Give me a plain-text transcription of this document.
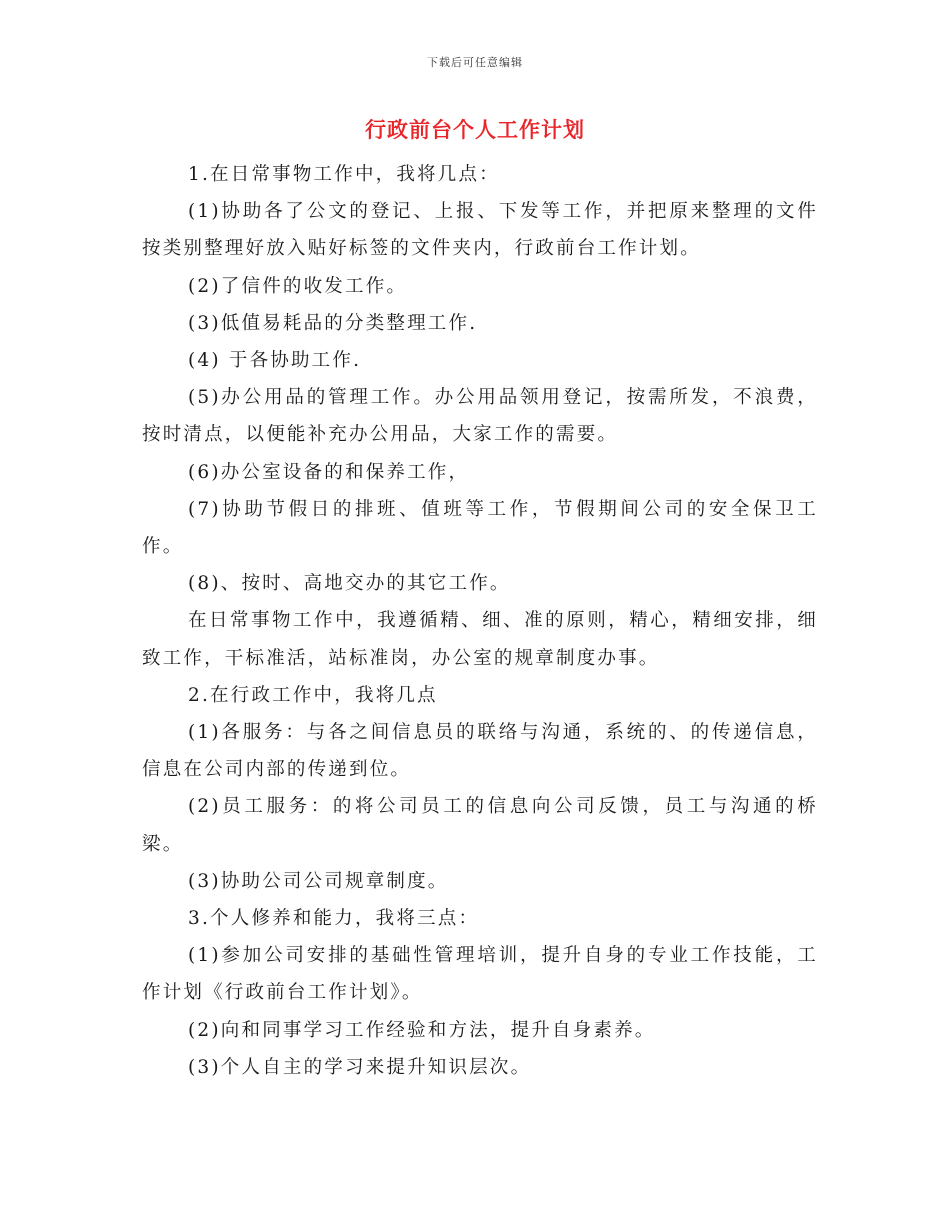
下载后可任意编辑
行政前台个人工作计划

1.在日常事物工作中，我将几点：

(1)协助各了公文的登记、上报、下发等工作，并把原来整理的文件按类别整理好放入贴好标签的文件夹内，行政前台工作计划。

(2)了信件的收发工作。

(3)低值易耗品的分类整理工作.

(4) 于各协助工作.

(5)办公用品的管理工作。办公用品领用登记，按需所发，不浪费，按时清点，以便能补充办公用品，大家工作的需要。

(6)办公室设备的和保养工作，

(7)协助节假日的排班、值班等工作，节假期间公司的安全保卫工作。

(8)、按时、高地交办的其它工作。

在日常事物工作中，我遵循精、细、准的原则，精心，精细安排，细致工作，干标准活，站标准岗，办公室的规章制度办事。

2.在行政工作中，我将几点

(1)各服务：与各之间信息员的联络与沟通，系统的、的传递信息，信息在公司内部的传递到位。

(2)员工服务：的将公司员工的信息向公司反馈，员工与沟通的桥梁。

(3)协助公司公司规章制度。

3.个人修养和能力，我将三点：

(1)参加公司安排的基础性管理培训，提升自身的专业工作技能，工作计划《行政前台工作计划》。

(2)向和同事学习工作经验和方法，提升自身素养。

(3)个人自主的学习来提升知识层次。
